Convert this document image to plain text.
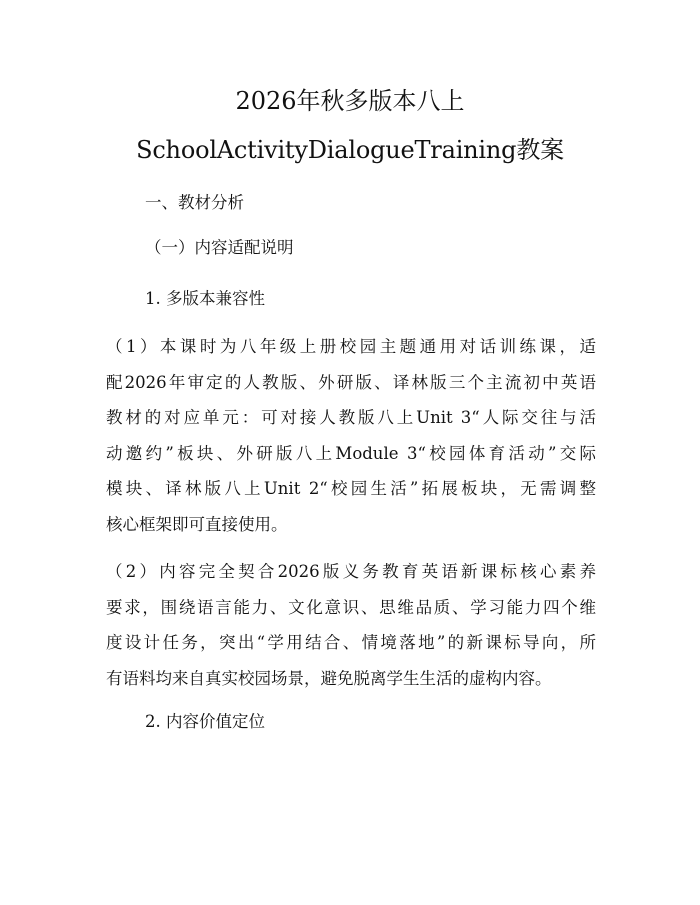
2026年秋多版本八上
SchoolActivityDialogueTraining教案
一、教材分析
（一）内容适配说明
1. 多版本兼容性
（1）本课时为八年级上册校园主题通用对话训练课，适
配2026年审定的人教版、外研版、译林版三个主流初中英语
教材的对应单元：可对接人教版八上Unit 3“人际交往与活
动邀约”板块、外研版八上Module 3“校园体育活动”交际
模块、译林版八上Unit 2“校园生活”拓展板块，无需调整
核心框架即可直接使用。
（2）内容完全契合2026版义务教育英语新课标核心素养
要求，围绕语言能力、文化意识、思维品质、学习能力四个维
度设计任务，突出“学用结合、情境落地”的新课标导向，所
有语料均来自真实校园场景，避免脱离学生生活的虚构内容。
2. 内容价值定位
